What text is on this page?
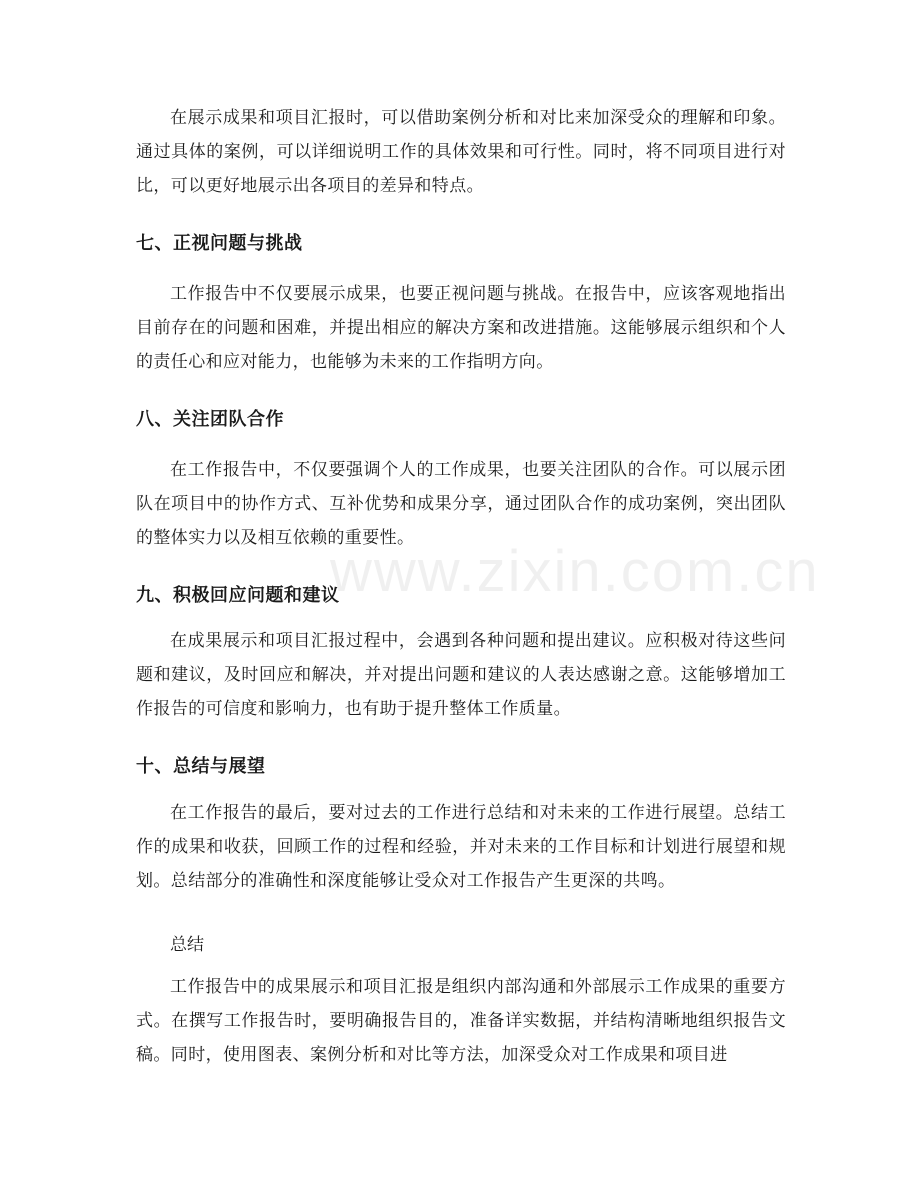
在展示成果和项目汇报时，可以借助案例分析和对比来加深受众的理解和印象。通过具体的案例，可以详细说明工作的具体效果和可行性。同时，将不同项目进行对比，可以更好地展示出各项目的差异和特点。

七、正视问题与挑战

工作报告中不仅要展示成果，也要正视问题与挑战。在报告中，应该客观地指出目前存在的问题和困难，并提出相应的解决方案和改进措施。这能够展示组织和个人的责任心和应对能力，也能够为未来的工作指明方向。

八、关注团队合作

在工作报告中，不仅要强调个人的工作成果，也要关注团队的合作。可以展示团队在项目中的协作方式、互补优势和成果分享，通过团队合作的成功案例，突出团队的整体实力以及相互依赖的重要性。

九、积极回应问题和建议

在成果展示和项目汇报过程中，会遇到各种问题和提出建议。应积极对待这些问题和建议，及时回应和解决，并对提出问题和建议的人表达感谢之意。这能够增加工作报告的可信度和影响力，也有助于提升整体工作质量。

十、总结与展望

在工作报告的最后，要对过去的工作进行总结和对未来的工作进行展望。总结工作的成果和收获，回顾工作的过程和经验，并对未来的工作目标和计划进行展望和规划。总结部分的准确性和深度能够让受众对工作报告产生更深的共鸣。

总结

工作报告中的成果展示和项目汇报是组织内部沟通和外部展示工作成果的重要方式。在撰写工作报告时，要明确报告目的，准备详实数据，并结构清晰地组织报告文稿。同时，使用图表、案例分析和对比等方法，加深受众对工作成果和项目进

www.zixin.com.cn
